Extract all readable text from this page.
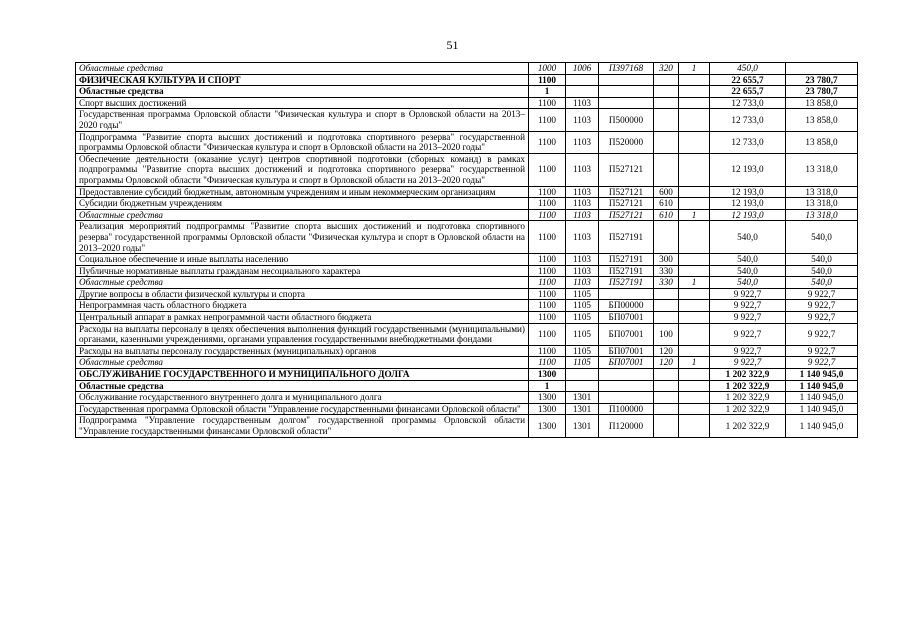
51
Областные средства	1000	1006	П397168	320	1	450,0	
ФИЗИЧЕСКАЯ КУЛЬТУРА И СПОРТ	1100					22 655,7	23 780,7
Областные средства	1					22 655,7	23 780,7
Спорт высших достижений	1100	1103				12 733,0	13 858,0
Государственная программа Орловской области "Физическая культура и спорт в Орловской области на 2013–2020 годы"	1100	1103	П500000			12 733,0	13 858,0
Подпрограмма "Развитие спорта высших достижений и подготовка спортивного резерва" государственной программы Орловской области "Физическая культура и спорт в Орловской области на 2013–2020 годы"	1100	1103	П520000			12 733,0	13 858,0
Обеспечение деятельности (оказание услуг) центров спортивной подготовки (сборных команд) в рамках подпрограммы "Развитие спорта высших достижений и подготовка спортивного резерва" государственной программы Орловской области "Физическая культура и спорт в Орловской области на 2013–2020 годы"	1100	1103	П527121			12 193,0	13 318,0
Предоставление субсидий бюджетным, автономным учреждениям и иным некоммерческим организациям	1100	1103	П527121	600		12 193,0	13 318,0
Субсидии бюджетным учреждениям	1100	1103	П527121	610		12 193,0	13 318,0
Областные средства	1100	1103	П527121	610	1	12 193,0	13 318,0
Реализация мероприятий подпрограммы "Развитие спорта высших достижений и подготовка спортивного резерва" государственной программы Орловской области "Физическая культура и спорт в Орловской области на 2013–2020 годы"	1100	1103	П527191			540,0	540,0
Социальное обеспечение и иные выплаты населению	1100	1103	П527191	300		540,0	540,0
Публичные нормативные выплаты гражданам несоциального характера	1100	1103	П527191	330		540,0	540,0
Областные средства	1100	1103	П527191	330	1	540,0	540,0
Другие вопросы в области физической культуры и спорта	1100	1105				9 922,7	9 922,7
Непрограммная часть областного бюджета	1100	1105	БП00000			9 922,7	9 922,7
Центральный аппарат в рамках непрограммной части областного бюджета	1100	1105	БП07001			9 922,7	9 922,7
Расходы на выплаты персоналу в целях обеспечения выполнения функций государственными (муниципальными) органами, казенными учреждениями, органами управления государственными внебюджетными фондами	1100	1105	БП07001	100		9 922,7	9 922,7
Расходы на выплаты персоналу государственных (муниципальных) органов	1100	1105	БП07001	120		9 922,7	9 922,7
Областные средства	1100	1105	БП07001	120	1	9 922,7	9 922,7
ОБСЛУЖИВАНИЕ ГОСУДАРСТВЕННОГО И МУНИЦИПАЛЬНОГО ДОЛГА	1300					1 202 322,9	1 140 945,0
Областные средства	1					1 202 322,9	1 140 945,0
Обслуживание государственного внутреннего долга и муниципального долга	1300	1301				1 202 322,9	1 140 945,0
Государственная программа Орловской области "Управление государственными финансами Орловской области"	1300	1301	П100000			1 202 322,9	1 140 945,0
Подпрограмма "Управление государственным долгом" государственной программы Орловской области "Управление государственными финансами Орловской области"	1300	1301	П120000			1 202 322,9	1 140 945,0
